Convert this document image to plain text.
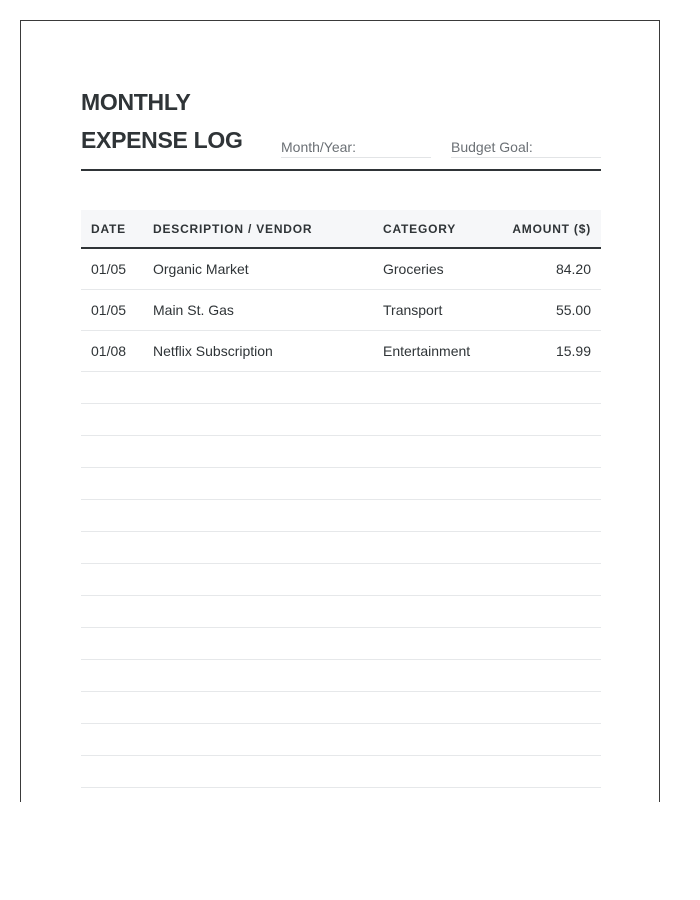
MONTHLY
EXPENSE LOG	Month/Year:	Budget Goal:
DATE	DESCRIPTION / VENDOR	CATEGORY	AMOUNT ($)
01/05	Organic Market	Groceries	84.20
01/05	Main St. Gas	Transport	55.00
01/08	Netflix Subscription	Entertainment	15.99
